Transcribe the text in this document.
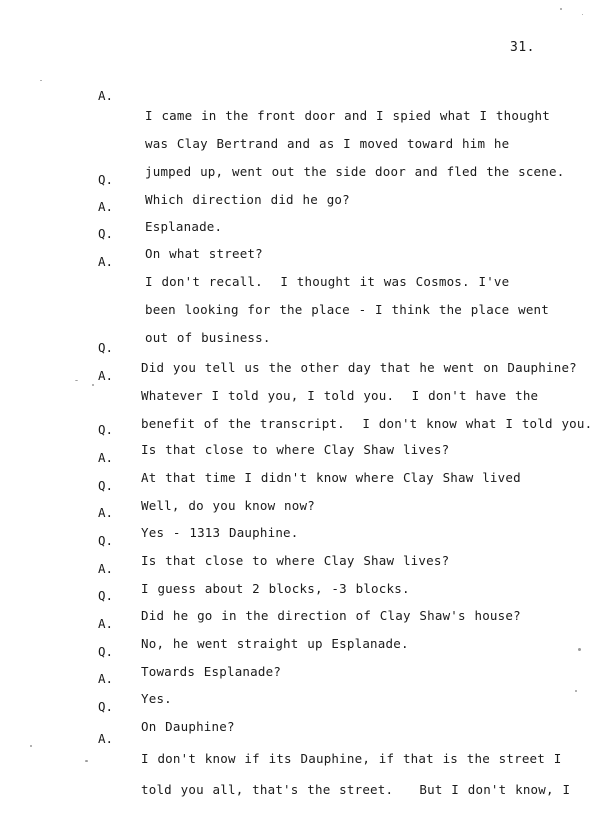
31.

A.

I came in the front door and I spied what I thought

was Clay Bertrand and as I moved toward him he

jumped up, went out the side door and fled the scene.

Q.

Which direction did he go?

A.

Esplanade.

Q.

On what street?

A.

I don't recall.  I thought it was Cosmos. I've

been looking for the place - I think the place went

out of business.

Q.

Did you tell us the other day that he went on Dauphine?

A.

Whatever I told you, I told you.  I don't have the

benefit of the transcript.  I don't know what I told you.

Q.

Is that close to where Clay Shaw lives?

A.

At that time I didn't know where Clay Shaw lived

Q.

Well, do you know now?

A.

Yes - 1313 Dauphine.

Q.

Is that close to where Clay Shaw lives?

A.

I guess about 2 blocks, -3 blocks.

Q.

Did he go in the direction of Clay Shaw's house?

A.

No, he went straight up Esplanade.

Q.

Towards Esplanade?

A.

Yes.

Q.

On Dauphine?

A.

I don't know if its Dauphine, if that is the street I

told you all, that's the street.   But I don't know, I
